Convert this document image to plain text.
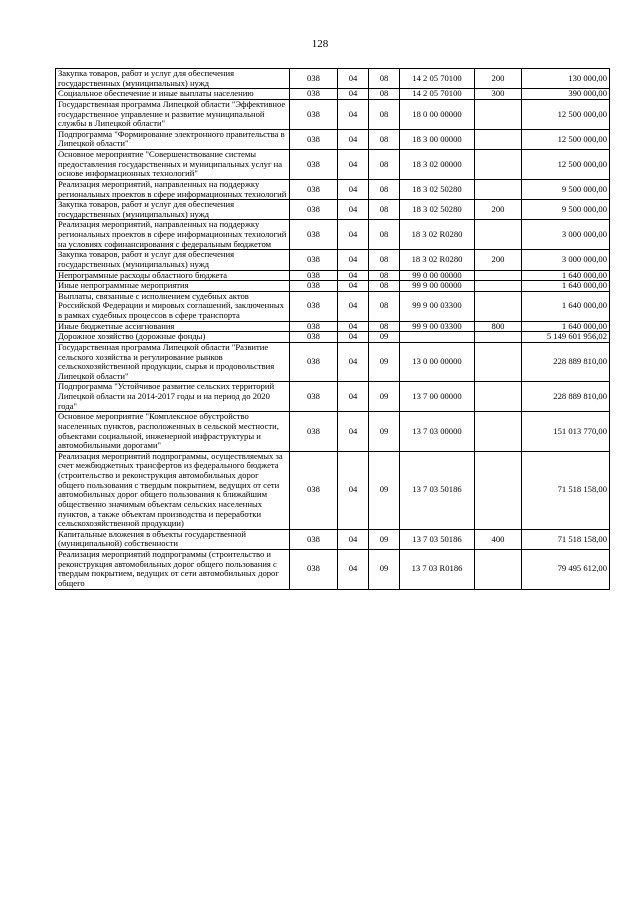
128
Закупка товаров, работ и услуг для обеспечения государственных (муниципальных) нужд	038	04	08	14 2 05 70100	200	130 000,00
Социальное обеспечение и иные выплаты населению	038	04	08	14 2 05 70100	300	390 000,00
Государственная программа Липецкой области "Эффективное государственное управление и развитие муниципальной службы в Липецкой области"	038	04	08	18 0 00 00000		12 500 000,00
Подпрограмма "Формирование электронного правительства в Липецкой области"	038	04	08	18 3 00 00000		12 500 000,00
Основное мероприятие "Совершенствование системы предоставления государственных и муниципальных услуг на основе информационных технологий"	038	04	08	18 3 02 00000		12 500 000,00
Реализация мероприятий, направленных на поддержку региональных проектов в сфере информационных технологий	038	04	08	18 3 02 50280		9 500 000,00
Закупка товаров, работ и услуг для обеспечения государственных (муниципальных) нужд	038	04	08	18 3 02 50280	200	9 500 000,00
Реализация мероприятий, направленных на поддержку региональных проектов в сфере информационных технологий на условиях софинансирования с федеральным бюджетом	038	04	08	18 3 02 R0280		3 000 000,00
Закупка товаров, работ и услуг для обеспечения государственных (муниципальных) нужд	038	04	08	18 3 02 R0280	200	3 000 000,00
Непрограммные расходы областного бюджета	038	04	08	99 0 00 00000		1 640 000,00
Иные непрограммные мероприятия	038	04	08	99 9 00 00000		1 640 000,00
Выплаты, связанные с исполнением судебных актов Российской Федерации и мировых соглашений, заключенных в рамках судебных процессов в сфере транспорта	038	04	08	99 9 00 03300		1 640 000,00
Иные бюджетные ассигнования	038	04	08	99 9 00 03300	800	1 640 000,00
Дорожное хозяйство (дорожные фонды)	038	04	09			5 149 601 956,02
Государственная программа Липецкой области "Развитие сельского хозяйства и регулирование рынков сельскохозяйственной продукции, сырья и продовольствия Липецкой области"	038	04	09	13 0 00 00000		228 889 810,00
Подпрограмма "Устойчивое развитие сельских территорий Липецкой области на 2014-2017 годы и на период до 2020 года"	038	04	09	13 7 00 00000		228 889 810,00
Основное мероприятие "Комплексное обустройство населенных пунктов, расположенных в сельской местности, объектами социальной, инженерной инфраструктуры и автомобильными дорогами"	038	04	09	13 7 03 00000		151 013 770,00
Реализация мероприятий подпрограммы, осуществляемых за счет межбюджетных трансфертов из федерального бюджета (строительство и реконструкция автомобильных дорог общего пользования с твердым покрытием, ведущих от сети автомобильных дорог общего пользования к ближайшим общественно значимым объектам сельских населенных пунктов, а также объектам производства и переработки сельскохозяйственной продукции)	038	04	09	13 7 03 50186		71 518 158,00
Капитальные вложения в объекты государственной (муниципальной) собственности	038	04	09	13 7 03 50186	400	71 518 158,00
Реализация мероприятий подпрограммы (строительство и реконструкция автомобильных дорог общего пользования с твердым покрытием, ведущих от сети автомобильных дорог общего	038	04	09	13 7 03 R0186		79 495 612,00
